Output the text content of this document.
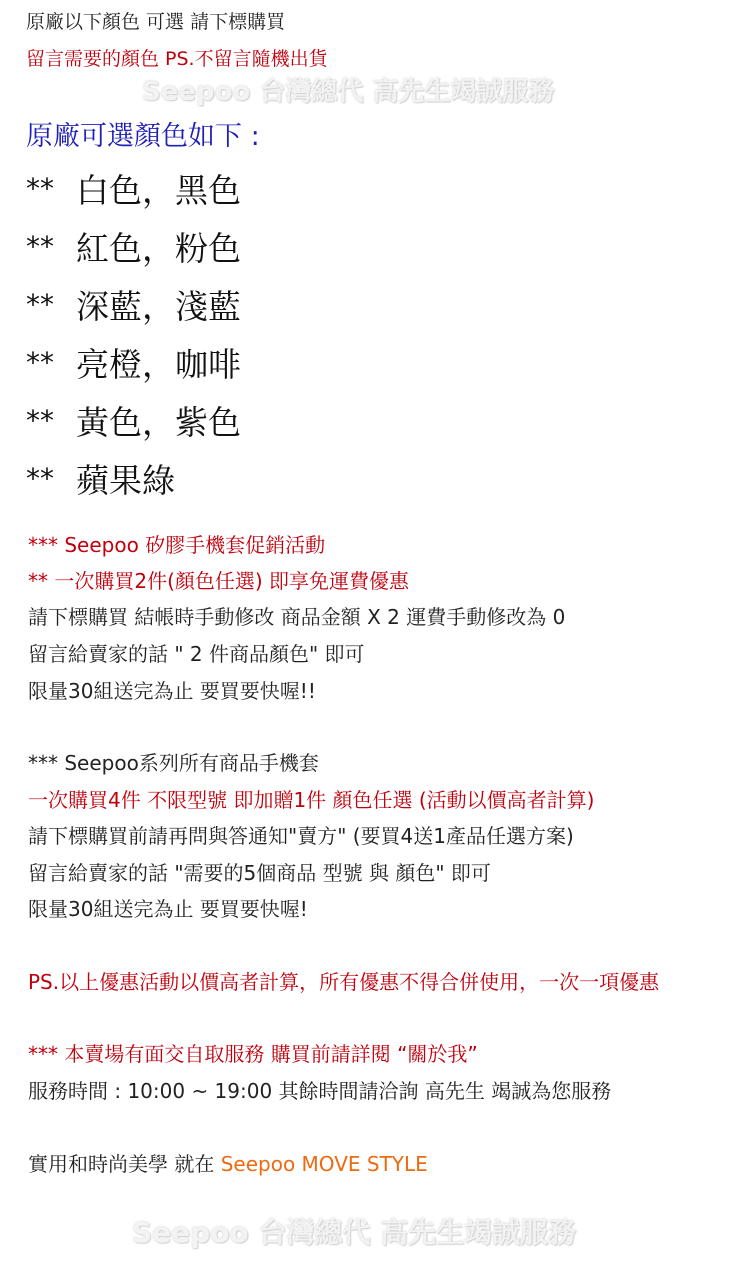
原廠以下顏色 可選 請下標購買
留言需要的顏色 PS.不留言隨機出貨
Seepoo 台灣總代 高先生竭誠服務
原廠可選顏色如下 :
** 白色，黑色
** 紅色，粉色
** 深藍，淺藍
** 亮橙，咖啡
** 黃色，紫色
** 蘋果綠
*** Seepoo 矽膠手機套促銷活動
** 一次購買2件(顏色任選) 即享免運費優惠
請下標購買 結帳時手動修改 商品金額 X 2 運費手動修改為 0
留言給賣家的話 " 2 件商品顏色" 即可
限量30組送完為止 要買要快喔!!
*** Seepoo系列所有商品手機套
一次購買4件 不限型號 即加贈1件 顏色任選 (活動以價高者計算)
請下標購買前請再問與答通知"賣方" (要買4送1產品任選方案)
留言給賣家的話 "需要的5個商品 型號 與 顏色" 即可
限量30組送完為止 要買要快喔!
PS.以上優惠活動以價高者計算，所有優惠不得合併使用，一次一項優惠
*** 本賣場有面交自取服務 購買前請詳閱 “關於我”
服務時間 : 10:00 ~ 19:00 其餘時間請洽詢 高先生 竭誠為您服務
實用和時尚美學 就在 Seepoo MOVE STYLE
Seepoo 台灣總代 高先生竭誠服務
